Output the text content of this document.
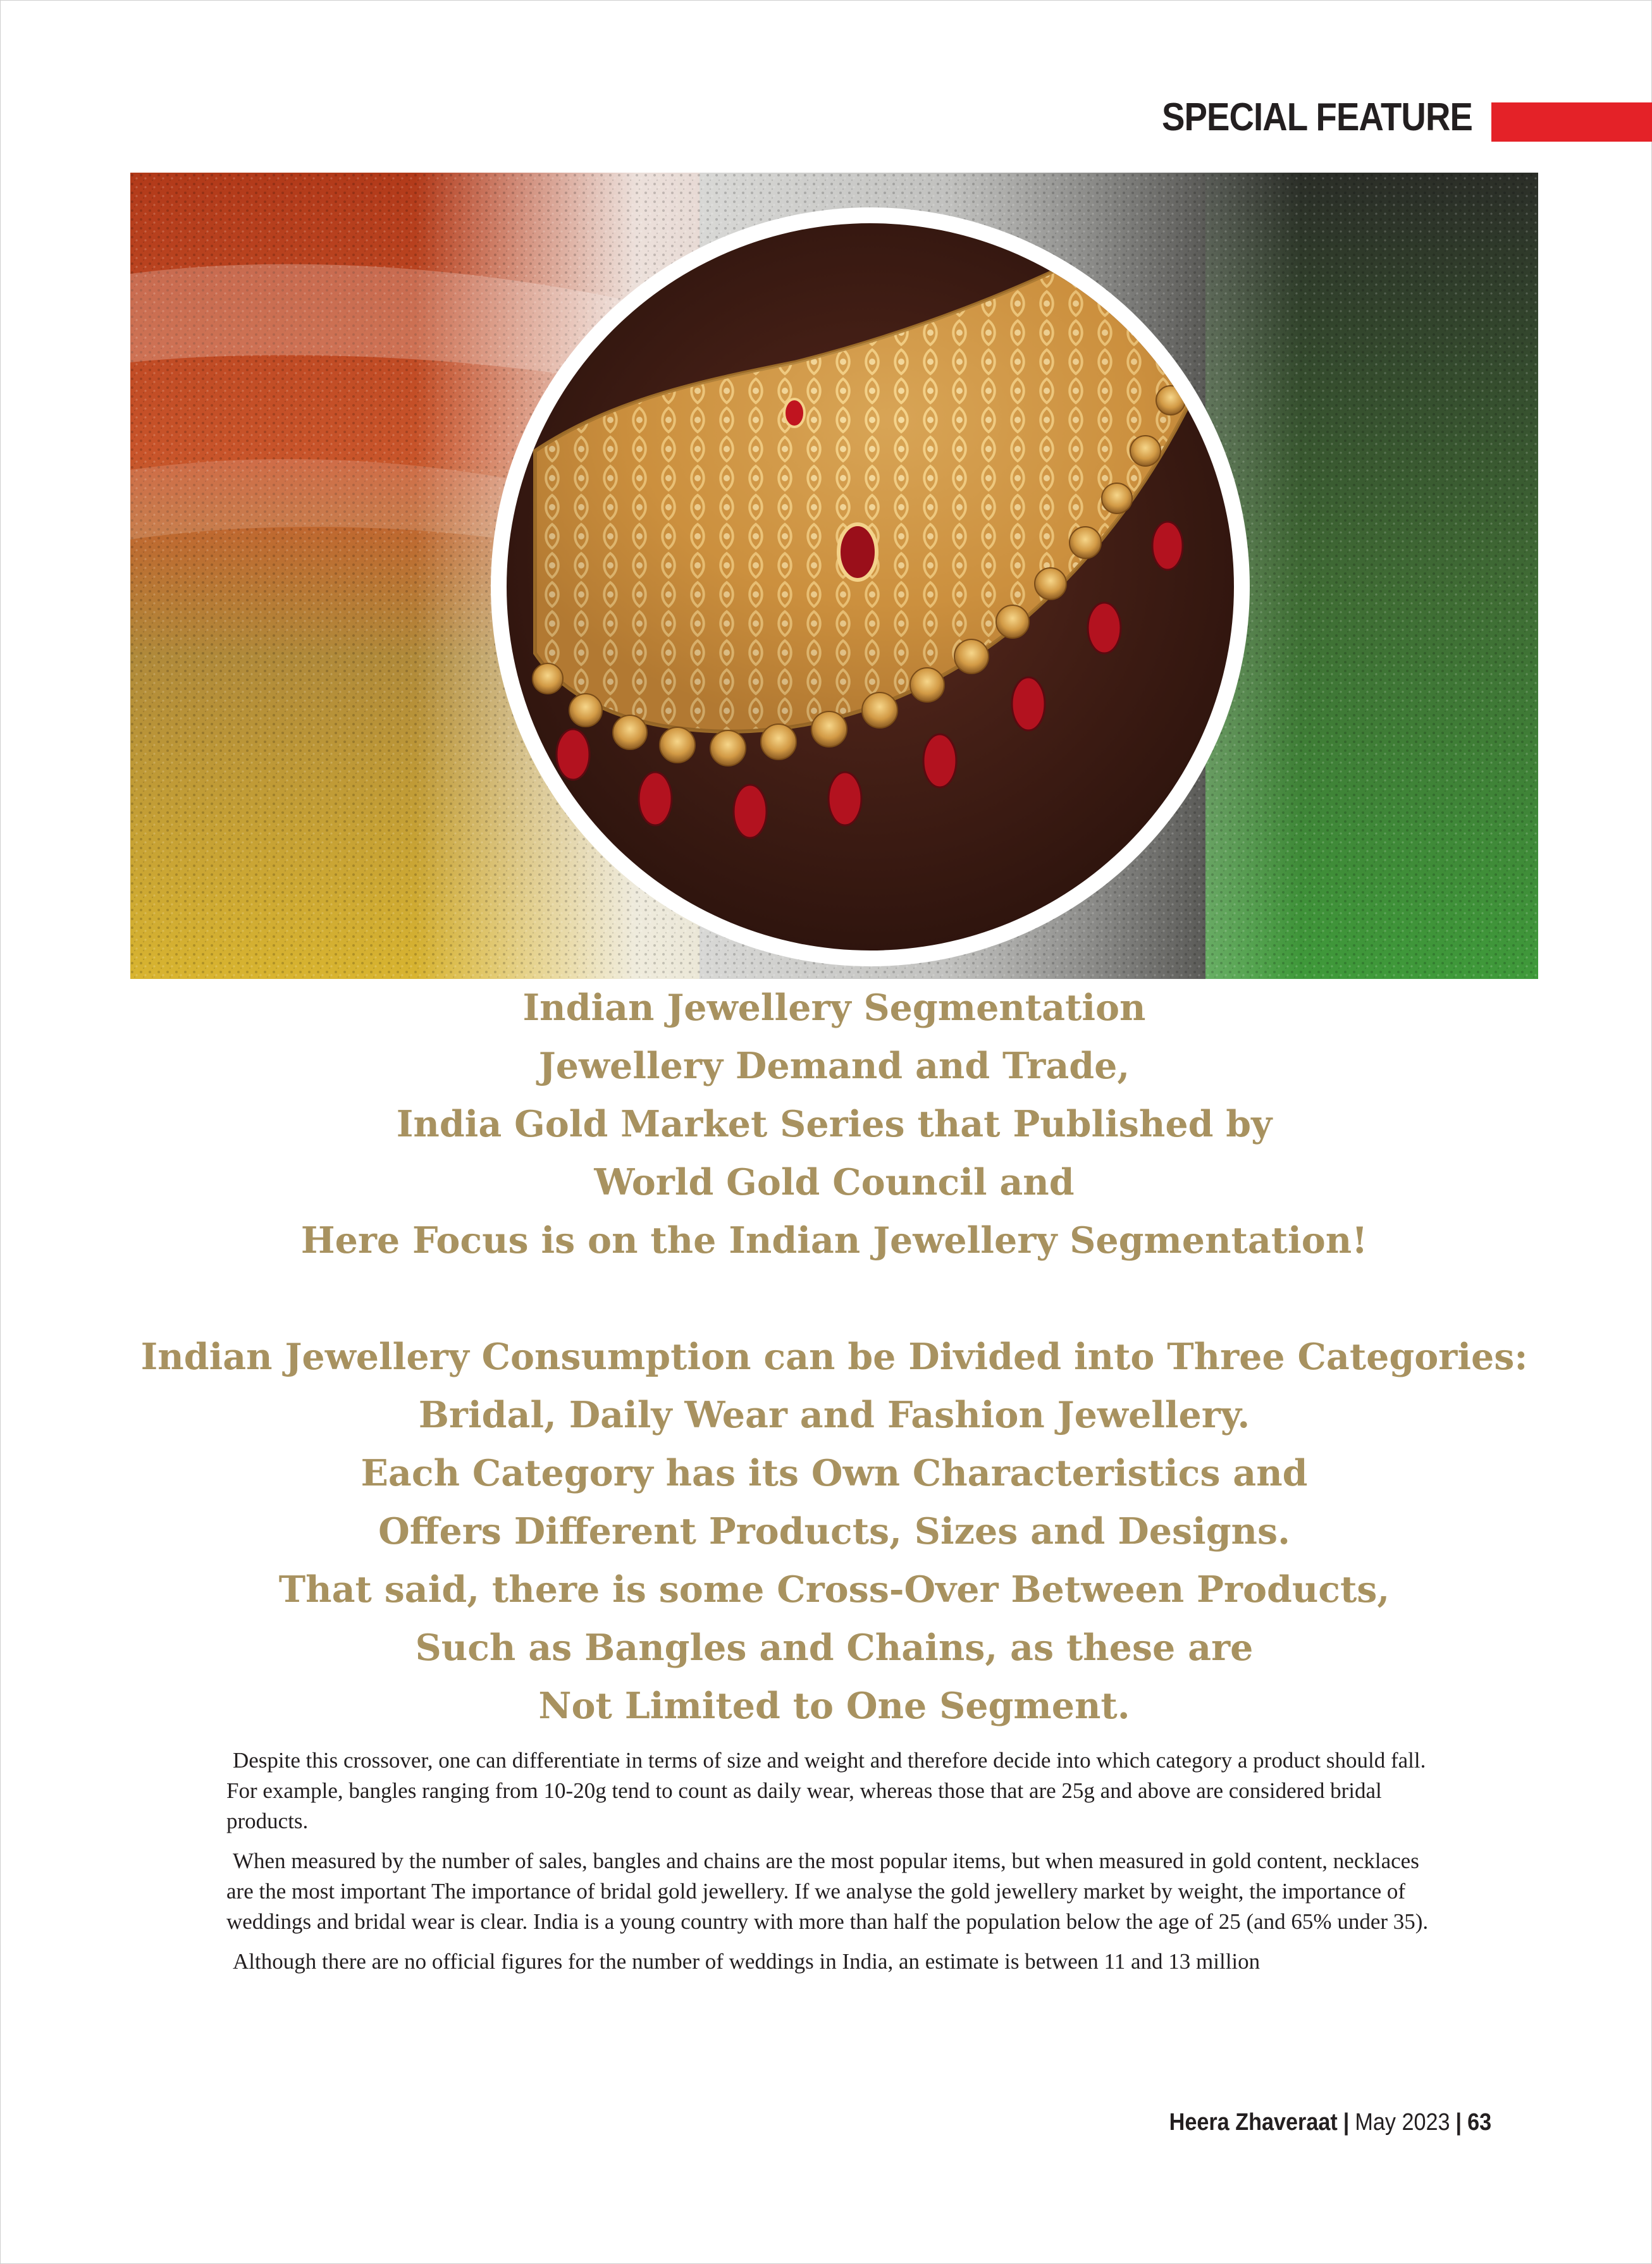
SPECIAL FEATURE
Indian Jewellery Segmentation
Jewellery Demand and Trade,
India Gold Market Series that Published by
World Gold Council and
Here Focus is on the Indian Jewellery Segmentation!
Indian Jewellery Consumption can be Divided into Three Categories:
Bridal, Daily Wear and Fashion Jewellery.
Each Category has its Own Characteristics and
Offers Different Products, Sizes and Designs.
That said, there is some Cross-Over Between Products,
Such as Bangles and Chains, as these are
Not Limited to One Segment.

Despite this crossover, one can differentiate in terms of size and weight and therefore decide into which category a product should fall. For example, bangles ranging from 10-20g tend to count as daily wear, whereas those that are 25g and above are considered bridal products.

When measured by the number of sales, bangles and chains are the most popular items, but when measured in gold content, necklaces are the most important The importance of bridal gold jewellery. If we analyse the gold jewellery market by weight, the importance of weddings and bridal wear is clear. India is a young country with more than half the population below the age of 25 (and 65% under 35).

Although there are no official figures for the number of weddings in India, an estimate is between 11 and 13 million

Heera Zhaveraat | May 2023 | 63
